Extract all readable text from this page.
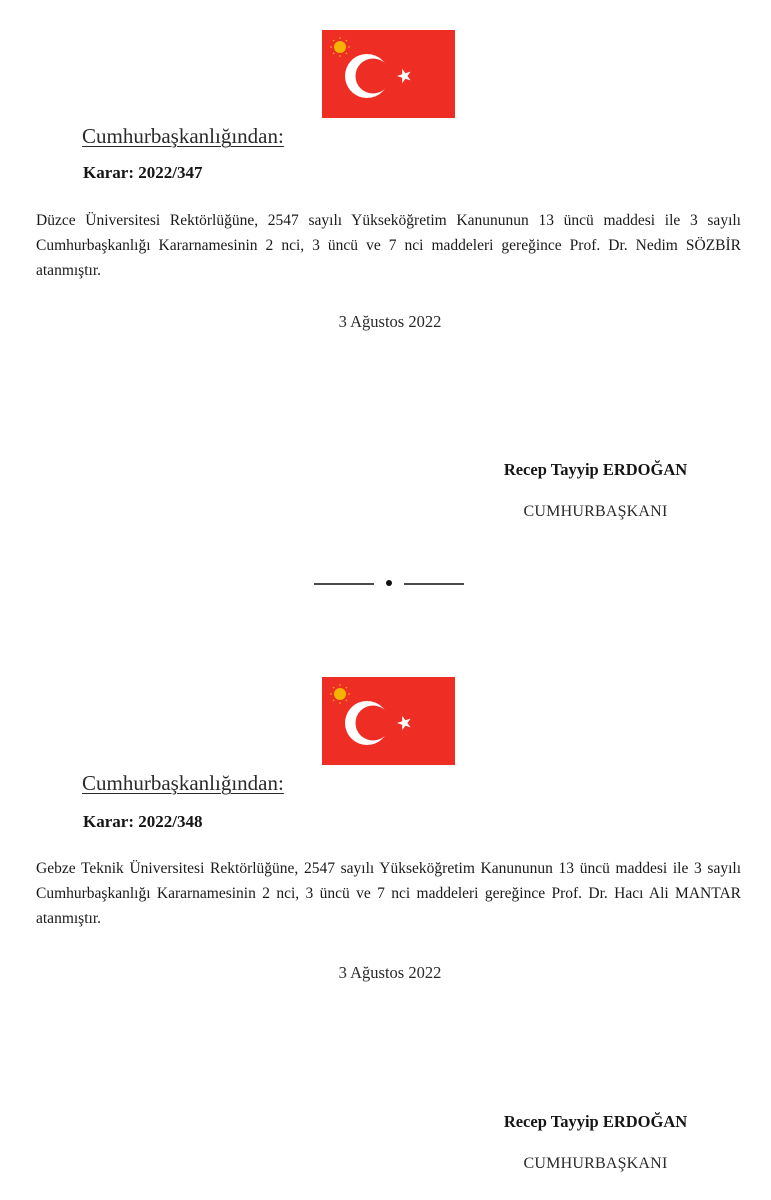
Cumhurbaşkanlığından:
Karar: 2022/347
Düzce Üniversitesi Rektörlüğüne, 2547 sayılı Yükseköğretim Kanununun 13 üncü maddesi ile 3 sayılı Cumhurbaşkanlığı Kararnamesinin 2 nci, 3 üncü ve 7 nci maddeleri gereğince Prof. Dr. Nedim SÖZBİR atanmıştır.
3 Ağustos 2022
Recep Tayyip ERDOĞAN
CUMHURBAŞKANI
Cumhurbaşkanlığından:
Karar: 2022/348
Gebze Teknik Üniversitesi Rektörlüğüne, 2547 sayılı Yükseköğretim Kanununun 13 üncü maddesi ile 3 sayılı Cumhurbaşkanlığı Kararnamesinin 2 nci, 3 üncü ve 7 nci maddeleri gereğince Prof. Dr. Hacı Ali MANTAR atanmıştır.
3 Ağustos 2022
Recep Tayyip ERDOĞAN
CUMHURBAŞKANI
